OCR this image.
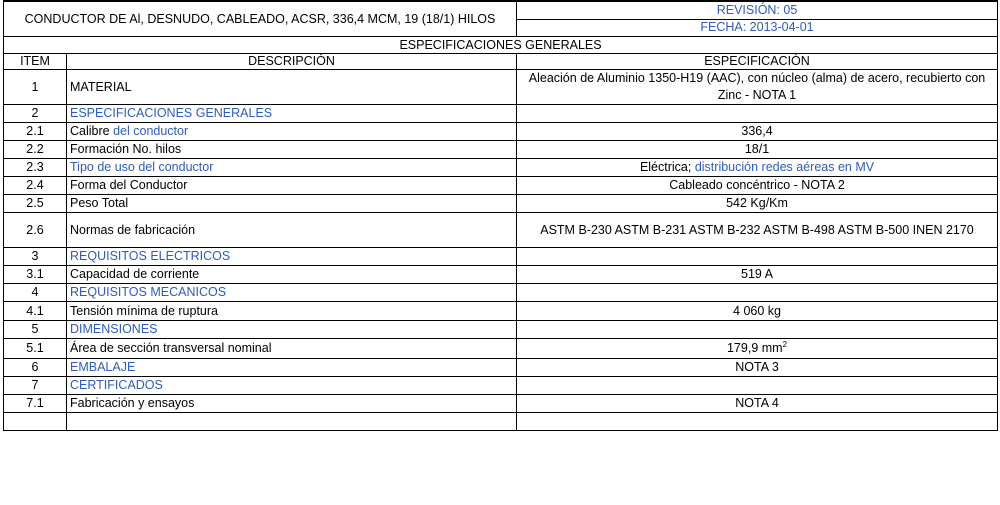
CONDUCTOR DE Al, DESNUDO, CABLEADO, ACSR, 336,4 MCM, 19 (18/1) HILOS		REVISIÓN: 05
		FECHA: 2013-04-01
ESPECIFICACIONES GENERALES		
ITEM	DESCRIPCIÓN	ESPECIFICACIÓN
1	MATERIAL	Aleación de Aluminio 1350-H19 (AAC), con núcleo (alma) de acero, recubierto con Zinc - NOTA 1
2	ESPECIFICACIONES GENERALES	
2.1	Calibre del conductor	336,4
2.2	Formación No. hilos	18/1
2.3	Tipo de uso del conductor	Eléctrica; distribución redes aéreas en MV
2.4	Forma del Conductor	Cableado concéntrico - NOTA 2
2.5	Peso Total	542 Kg/Km
2.6	Normas de fabricación	ASTM B-230 ASTM B-231 ASTM B-232 ASTM B-498 ASTM B-500 INEN 2170
3	REQUISITOS ELECTRICOS	
3.1	Capacidad de corriente	519 A
4	REQUISITOS MECANICOS	
4.1	Tensión mínima de ruptura	4 060 kg
5	DIMENSIONES	
5.1	Área de sección transversal nominal	179,9 $mm^2$
6	EMBALAJE	NOTA 3
7	CERTIFICADOS	
7.1	Fabricación y ensayos	NOTA 4
